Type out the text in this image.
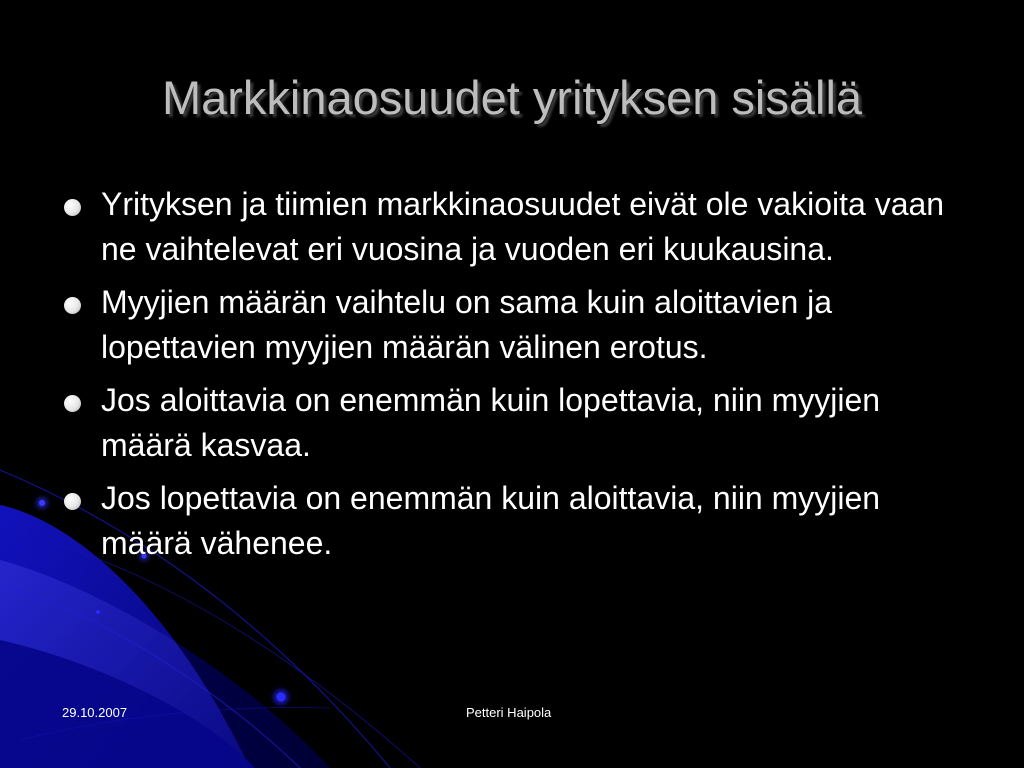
Markkinaosuudet yrityksen sisällä
Yrityksen ja tiimien markkinaosuudet eivät ole vakioita vaan ne vaihtelevat eri vuosina ja vuoden eri kuukausina.
Myyjien määrän vaihtelu on sama kuin aloittavien ja lopettavien myyjien määrän välinen erotus.
Jos aloittavia on enemmän kuin lopettavia, niin myyjien määrä kasvaa.
Jos lopettavia on enemmän kuin aloittavia, niin myyjien määrä vähenee.
29.10.2007	Petteri Haipola
